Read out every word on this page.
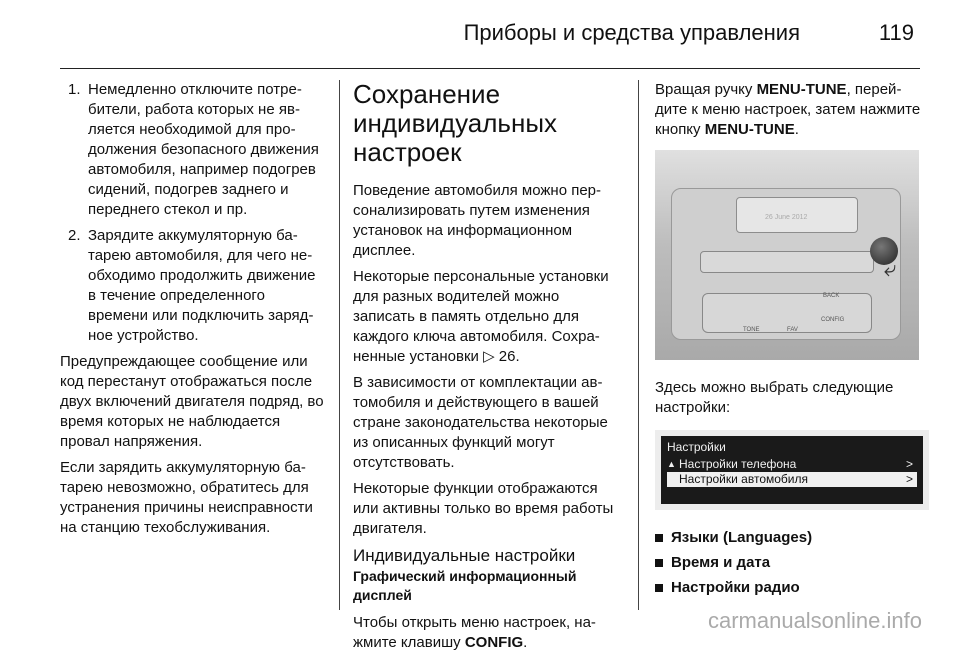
Приборы и средства управления	119
1. Немедленно отключите потребители, работа которых не является необходимой для продолжения безопасного движения автомобиля, например подогрев сидений, подогрев заднего и переднего стекол и пр.
2. Зарядите аккумуляторную батарею автомобиля, для чего необходимо продолжить движение в течение определенного времени или подключить зарядное устройство.

Предупреждающее сообщение или код перестанут отображаться после двух включений двигателя подряд, во время которых не наблюдается провал напряжения.

Если зарядить аккумуляторную батарею невозможно, обратитесь для устранения причины неисправности на станцию техобслуживания.

Сохранение индивидуальных настроек

Поведение автомобиля можно персонализировать путем изменения установок на информационном дисплее.

Некоторые персональные установки для разных водителей можно записать в память отдельно для каждого ключа автомобиля. Сохраненные установки ▷ 26.

В зависимости от комплектации автомобиля и действующего в вашей стране законодательства некоторые из описанных функций могут отсутствовать.

Некоторые функции отображаются или активны только во время работы двигателя.

Индивидуальные настройки
Графический информационный дисплей

Чтобы открыть меню настроек, нажмите клавишу CONFIG.

Вращая ручку MENU-TUNE, перейдите к меню настроек, затем нажмите кнопку MENU-TUNE.

26 June 2012
⤶
BACK
CONFIG
TONE	FAV

Здесь можно выбрать следующие настройки:

Настройки
▲ Настройки телефона	>
Настройки автомобиля	>
Языки (Languages)
Время и дата
Настройки радио
carmanualsonline.info
